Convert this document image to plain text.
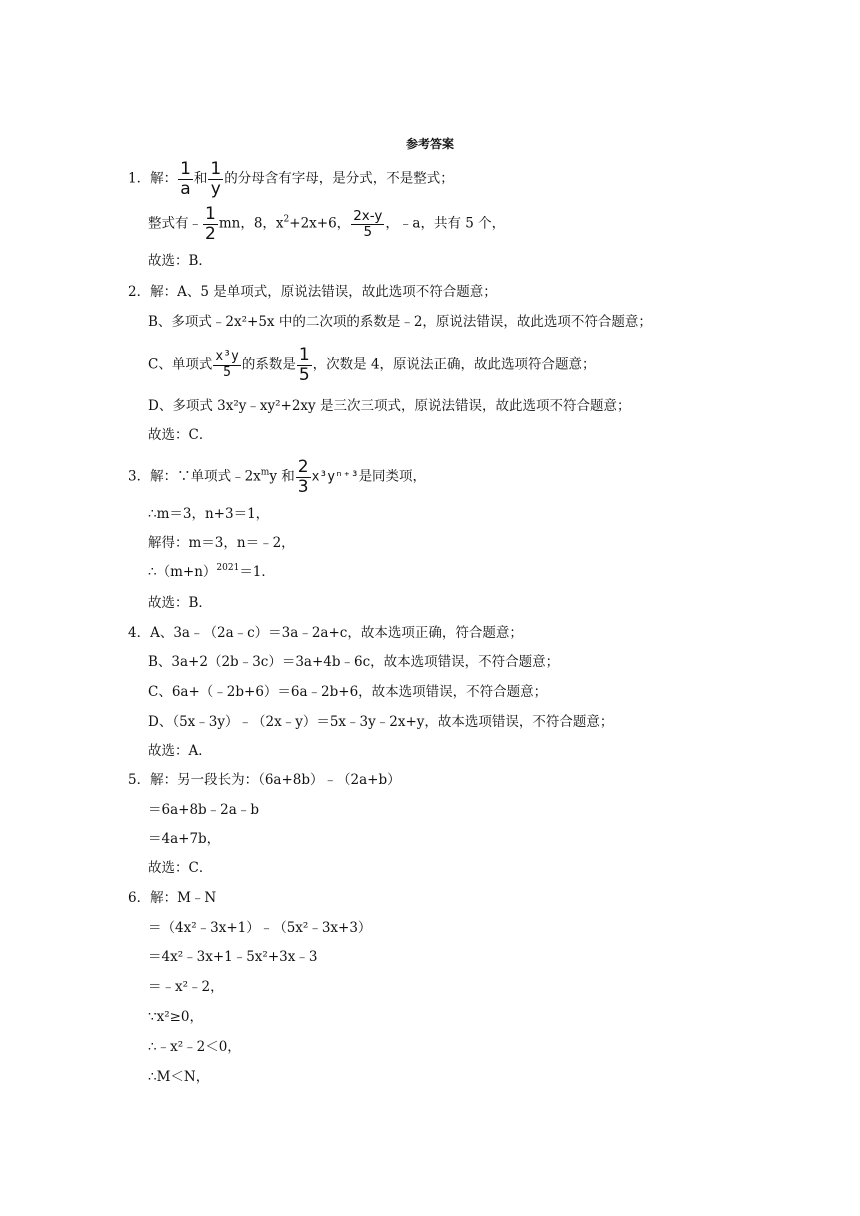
参考答案
1．解： $\frac{1}{a}$ 和 $\frac{1}{y}$ 的分母含有字母，是分式，不是整式；
整式有﹣ $\frac{1}{2}$ mn，8，$x^2+2x+6$， $\frac{2x-y}{5}$ ，﹣a，共有 5 个，
故选：B．
2．解：A、5 是单项式，原说法错误，故此选项不符合题意；
B、多项式﹣2x²+5x 中的二次项的系数是﹣2，原说法错误，故此选项不符合题意；
C、单项式 $\frac{\text{x³y}}{5}$ 的系数是 $\frac{1}{5}$ ，次数是 4，原说法正确，故此选项符合题意；
D、多项式 3x²y﹣xy²+2xy 是三次三项式，原说法错误，故此选项不符合题意；
故选：C．
3．解：∵单项式$﹣2x^my$ 和 $\frac{2}{3} x^3y^{n+3}$是同类项，
∴m＝3，n+3＝1，
解得：m＝3，n＝﹣2，
$\therefore(m+n)^{2021}=1$．
故选：B．
4．A、3a﹣（2a﹣c）＝3a﹣2a+c，故本选项正确，符合题意；
B、3a+2（2b﹣3c）＝3a+4b﹣6c，故本选项错误，不符合题意；
C、6a+（﹣2b+6）＝6a﹣2b+6，故本选项错误，不符合题意；
D、（5x﹣3y）﹣（2x﹣y）＝5x﹣3y﹣2x+y，故本选项错误，不符合题意；
故选：A．
5．解：另一段长为：（6a+8b）﹣（2a+b）
＝6a+8b﹣2a﹣b
＝4a+7b，
故选：C．
6．解：M﹣N
＝（4x²﹣3x+1）﹣（5x²﹣3x+3）
＝4x²﹣3x+1﹣5x²+3x﹣3
＝﹣x²﹣2，
∵x²≥0，
∴﹣x²﹣2＜0，
∴M＜N，
